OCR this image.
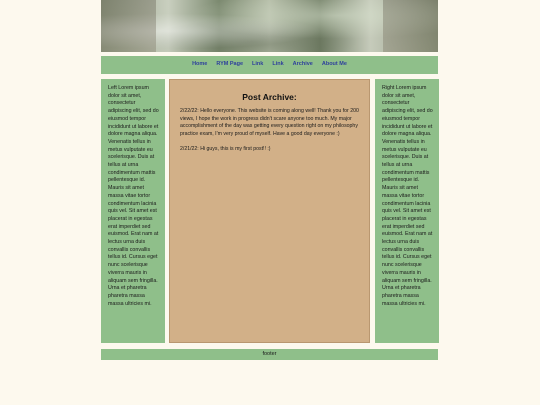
Home RYM Page Link Link Archive About Me

Left Lorem ipsum dolor sit amet, consectetur adipiscing elit, sed do eiusmod tempor incididunt ut labore et dolore magna aliqua. Venenatis tellus in metus vulputate eu scelerisque. Duis at tellus at urna condimentum mattis pellentesque id. Mauris sit amet massa vitae tortor condimentum lacinia quis vel. Sit amet est placerat in egestas erat imperdiet sed euismod. Erat nam at lectus urna duis convallis convallis tellus id. Cursus eget nunc scelerisque viverra mauris in aliquam sem fringilla. Urna et pharetra pharetra massa massa ultricies mi.

Post Archive:

2/22/22: Hello everyone. This website is coming along well! Thank you for 200 views, I hope the work in progress didn't scare anyone too much. My major accomplishment of the day was getting every question right on my philosophy practice exam, I'm very proud of myself. Have a good day everyone :)

2/21/22: Hi guys, this is my first post!! :)

Right Lorem ipsum dolor sit amet, consectetur adipiscing elit, sed do eiusmod tempor incididunt ut labore et dolore magna aliqua. Venenatis tellus in metus vulputate eu scelerisque. Duis at tellus at urna condimentum mattis pellentesque id. Mauris sit amet massa vitae tortor condimentum lacinia quis vel. Sit amet est placerat in egestas erat imperdiet sed euismod. Erat nam at lectus urna duis convallis convallis tellus id. Cursus eget nunc scelerisque viverra mauris in aliquam sem fringilla. Urna et pharetra pharetra massa massa ultricies mi.

footer
